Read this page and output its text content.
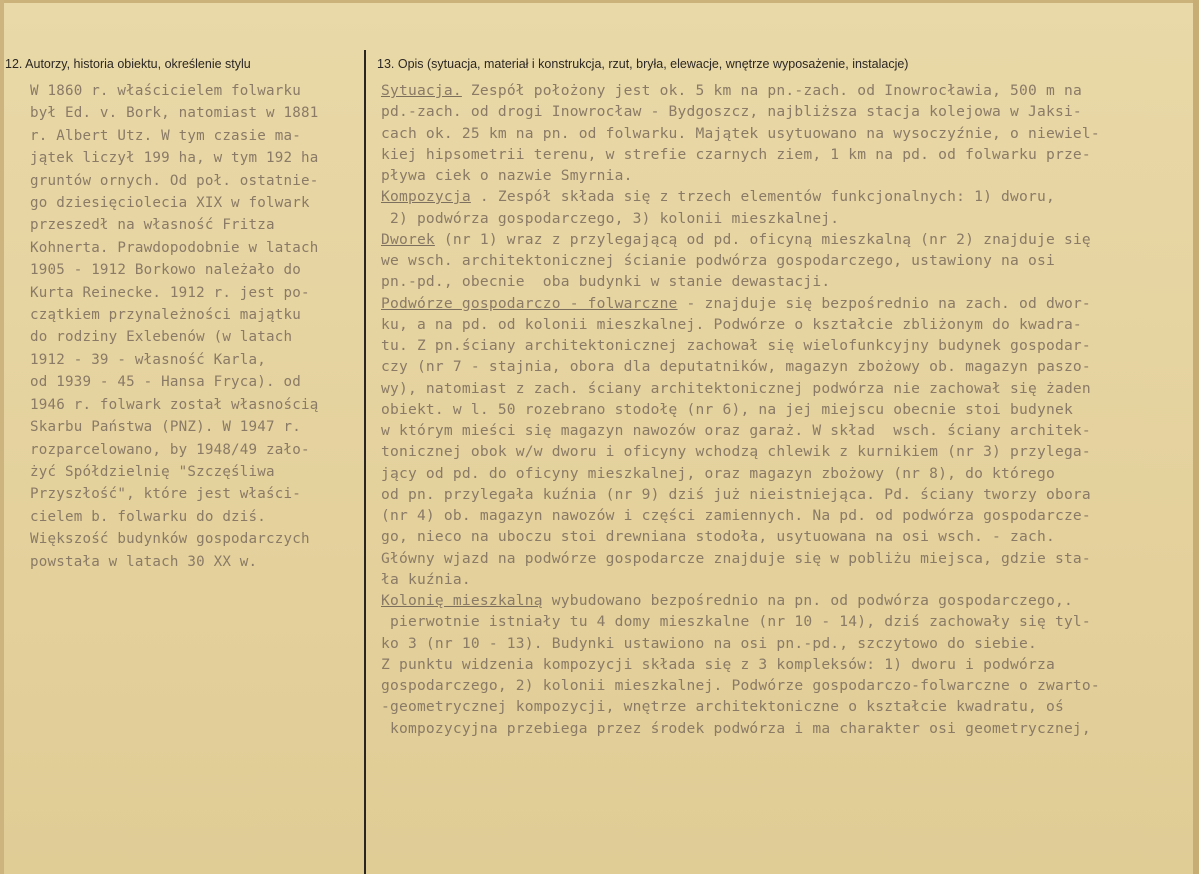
12. Autorzy, historia obiektu, określenie stylu	13. Opis (sytuacja, materiał i konstrukcja, rzut, bryła, elewacje, wnętrze wyposażenie, instalacje)
W 1860 r. właścicielem folwarku
był Ed. v. Bork, natomiast w 1881
r. Albert Utz. W tym czasie ma-
jątek liczył 199 ha, w tym 192 ha
gruntów ornych. Od poł. ostatnie-
go dziesięciolecia XIX w folwark
przeszedł na własność Fritza
Kohnerta. Prawdopodobnie w latach
1905 - 1912 Borkowo należało do
Kurta Reinecke. 1912 r. jest po-
czątkiem przynależności majątku
do rodziny Exlebenów (w latach
1912 - 39 - własność Karla,
od 1939 - 45 - Hansa Fryca). od
1946 r. folwark został własnością
Skarbu Państwa (PNZ). W 1947 r.
rozparcelowano, by 1948/49 zało-
żyć Spółdzielnię "Szczęśliwa
Przyszłość", które jest właści-
cielem b. folwarku do dziś.
Większość budynków gospodarczych
powstała w latach 30 XX w.
Sytuacja. Zespół położony jest ok. 5 km na pn.-zach. od Inowrocławia, 500 m na
pd.-zach. od drogi Inowrocław - Bydgoszcz, najbliższa stacja kolejowa w Jaksi-
cach ok. 25 km na pn. od folwarku. Majątek usytuowano na wysoczyźnie, o niewiel-
kiej hipsometrii terenu, w strefie czarnych ziem, 1 km na pd. od folwarku prze-
pływa ciek o nazwie Smyrnia.
Kompozycja . Zespół składa się z trzech elementów funkcjonalnych: 1) dworu,
2) podwórza gospodarczego, 3) kolonii mieszkalnej.
Dworek (nr 1) wraz z przylegającą od pd. oficyną mieszkalną (nr 2) znajduje się
we wsch. architektonicznej ścianie podwórza gospodarczego, ustawiony na osi
pn.-pd., obecnie  oba budynki w stanie dewastacji.
Podwórze gospodarczo - folwarczne - znajduje się bezpośrednio na zach. od dwor-
ku, a na pd. od kolonii mieszkalnej. Podwórze o kształcie zbliżonym do kwadra-
tu. Z pn.ściany architektonicznej zachował się wielofunkcyjny budynek gospodar-
czy (nr 7 - stajnia, obora dla deputatników, magazyn zbożowy ob. magazyn paszo-
wy), natomiast z zach. ściany architektonicznej podwórza nie zachował się żaden
obiekt. w l. 50 rozebrano stodołę (nr 6), na jej miejscu obecnie stoi budynek
w którym mieści się magazyn nawozów oraz garaż. W skład  wsch. ściany architek-
tonicznej obok w/w dworu i oficyny wchodzą chlewik z kurnikiem (nr 3) przylega-
jący od pd. do oficyny mieszkalnej, oraz magazyn zbożowy (nr 8), do którego
od pn. przylegała kuźnia (nr 9) dziś już nieistniejąca. Pd. ściany tworzy obora
(nr 4) ob. magazyn nawozów i części zamiennych. Na pd. od podwórza gospodarcze-
go, nieco na uboczu stoi drewniana stodoła, usytuowana na osi wsch. - zach.
Główny wjazd na podwórze gospodarcze znajduje się w pobliżu miejsca, gdzie sta-
ła kuźnia.
Kolonię mieszkalną wybudowano bezpośrednio na pn. od podwórza gospodarczego,.
pierwotnie istniały tu 4 domy mieszkalne (nr 10 - 14), dziś zachowały się tyl-
ko 3 (nr 10 - 13). Budynki ustawiono na osi pn.-pd., szczytowo do siebie.
Z punktu widzenia kompozycji składa się z 3 kompleksów: 1) dworu i podwórza
gospodarczego, 2) kolonii mieszkalnej. Podwórze gospodarczo-folwarczne o zwarto-
-geometrycznej kompozycji, wnętrze architektoniczne o kształcie kwadratu, oś
kompozycyjna przebiega przez środek podwórza i ma charakter osi geometrycznej,
